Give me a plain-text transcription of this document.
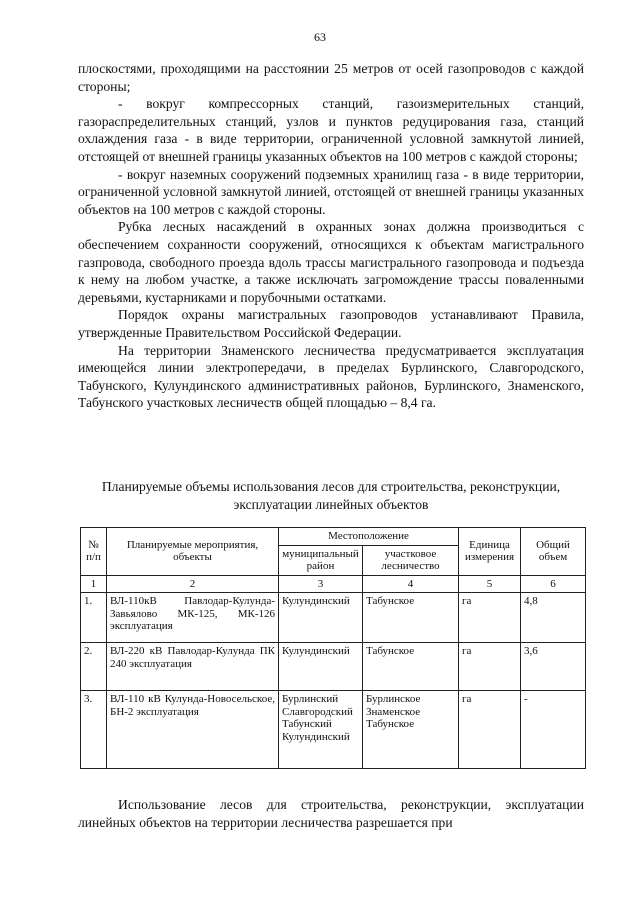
63

плоскостями, проходящими на расстоянии 25 метров от осей газопроводов с каждой стороны;

- вокруг компрессорных станций, газоизмерительных станций, газораспределительных станций, узлов и пунктов редуцирования газа, станций охлаждения газа - в виде территории, ограниченной условной замкнутой линией, отстоящей от внешней границы указанных объектов на 100 метров с каждой стороны;

- вокруг наземных сооружений подземных хранилищ газа - в виде территории, ограниченной условной замкнутой линией, отстоящей от внешней границы указанных объектов на 100 метров с каждой стороны.

Рубка лесных насаждений в охранных зонах должна производиться с обеспечением сохранности сооружений, относящихся к объектам магистрального газпровода, свободного проезда вдоль трассы магистрального газопровода и подъезда к нему на любом участке, а также исключать загромождение трассы поваленными деревьями, кустарниками и порубочными остатками.

Порядок охраны магистральных газопроводов устанавливают Правила, утвержденные Правительством Российской Федерации.

На территории Знаменского лесничества предусматривается эксплуатация имеющейся линии электропередачи, в пределах Бурлинского, Славгородского, Табунского, Кулундинского административных районов, Бурлинского, Знаменского, Табунского участковых лесничеств общей площадью – 8,4 га.

Планируемые объемы использования лесов для строительства, реконструкции, эксплуатации линейных объектов
№ п/п	Планируемые мероприятия, объекты	Местоположение		Единица измерения	Общий объем
		муниципальный район	участковое лесничество		
1	2	3	4	5	6
1.	ВЛ-110кВ Павлодар-Кулунда-Завьялово МК-125, МК-126 эксплуатация	Кулундинский	Табунское	га	4,8
2.	ВЛ-220 кВ Павлодар-Кулунда ПК 240 эксплуатация	Кулундинский	Табунское	га	3,6
3.	ВЛ-110 кВ Кулунда-Новосельское, БН-2 эксплуатация	Бурлинский Славгородский Табунский Кулундинский	Бурлинское Знаменское Табунское	га	-

Использование лесов для строительства, реконструкции, эксплуатации линейных объектов на территории лесничества разрешается при
